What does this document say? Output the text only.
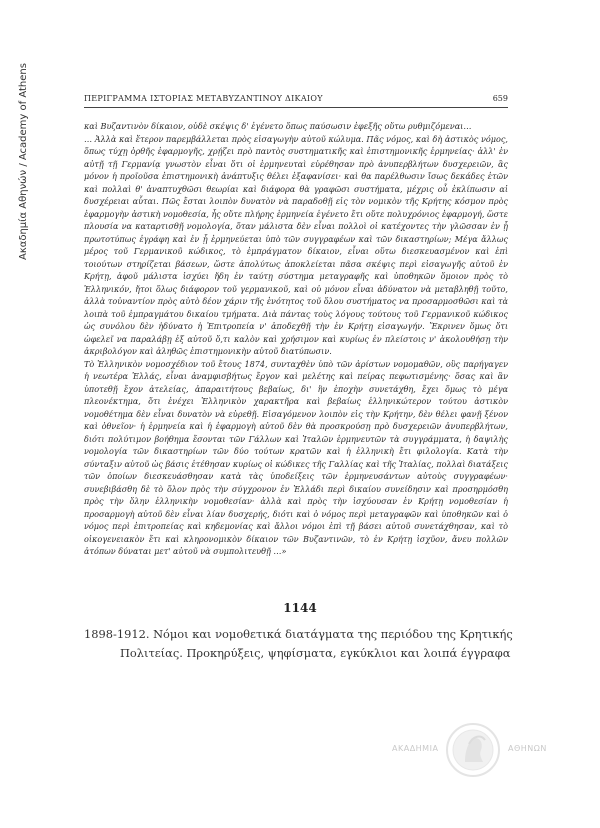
Ακαδημία Αθηνών / Academy of Athens	ΠΕΡΙΓΡΑΜΜΑ ΙΣΤΟΡΙΑΣ ΜΕΤΑΒΥΖΑΝΤΙΝΟΥ ΔΙΚΑΙΟΥ	659

καὶ Βυζαντινὸν δίκαιον, οὐδὲ σκέψις δ' ἐγένετο ὅπως παύσωσιν ἐφεξῆς οὕτω ρυθμιζόμεναι…

… Ἀλλὰ καὶ ἕτερον παρεμβάλλεται πρὸς εἰσαγωγὴν αὐτοῦ κώλυμα. Πᾶς νόμος, καὶ δὴ ἀστικὸς νόμος, ὅπως τύχῃ ὀρθῆς ἐφαρμογῆς, χρῄζει πρὸ παντὸς συστηματικῆς καὶ ἐπιστημονικῆς ἑρμηνείας· ἀλλ' ἐν αὐτῇ τῇ Γερμανίᾳ γνωστὸν εἶναι ὅτι οἱ ἑρμηνευταὶ εὑρέθησαν πρὸ ἀνυπερβλήτων δυσχερειῶν, ἃς μόνον ἡ προϊοῦσα ἐπιστημονικὴ ἀνάπτυξις θέλει ἐξαφανίσει· καὶ θα παρέλθωσιν ἴσως δεκάδες ἐτῶν καὶ πολλαὶ θ' ἀναπτυχθῶσι θεωρίαι καὶ διάφορα θὰ γραφῶσι συστήματα, μέχρις οὗ ἐκλίπωσιν αἱ δυσχέρειαι αὗται. Πῶς ἔσται λοιπὸν δυνατὸν νὰ παραδοθῇ εἰς τὸν νομικὸν τῆς Κρήτης κόσμον πρὸς ἐφαρμογὴν ἀστικὴ νομοθεσία, ἧς οὔτε πλήρης ἑρμηνεία ἐγένετο ἔτι οὔτε πολυχρόνιος ἐφαρμογή, ὥστε πλουσία να καταρτισθῇ νομολογία, ὅταν μάλιστα δὲν εἶναι πολλοὶ οἱ κατέχοντες τὴν γλῶσσαν ἐν ᾗ πρωτοτύπως ἐγράφη καὶ ἐν ᾗ ἑρμηνεύεται ὑπὸ τῶν συγγραφέων καὶ τῶν δικαστηρίων; Μέγα ἄλλως μέρος τοῦ Γερμανικοῦ κώδικος, τὸ ἐμπράγματον δίκαιον, εἶναι οὕτω διεσκευασμένον καὶ ἐπὶ τοιούτων στηρίζεται βάσεων, ὥστε ἀπολύτως ἀποκλείεται πᾶσα σκέψις περὶ εἰσαγωγῆς αὐτοῦ ἐν Κρήτῃ, ἀφοῦ μάλιστα ἰσχύει ἤδη ἐν ταύτῃ σύστημα μεταγραφῆς καὶ ὑποθηκῶν ὅμοιον πρὸς τὸ Ἑλληνικόν, ἤτοι ὅλως διάφορον τοῦ γερμανικοῦ, καὶ οὐ μόνον εἶναι ἀδύνατον νὰ μεταβληθῇ τοῦτο, ἀλλὰ τοὐναντίον πρὸς αὐτὸ δέον χάριν τῆς ἑνότητος τοῦ ὅλου συστήματος να προσαρμοσθῶσι καὶ τὰ λοιπὰ τοῦ ἐμπραγμάτου δικαίου τμήματα. Διὰ πάντας τοὺς λόγους τούτους τοῦ Γερμανικοῦ κώδικος ὡς συνόλου δὲν ἠδύνατο ἡ Ἐπιτροπεία ν' ἀποδεχθῇ τὴν ἐν Κρήτῃ εἰσαγωγήν. Ἔκρινεν ὅμως ὅτι ὠφελεῖ να παραλάβῃ ἐξ αὐτοῦ ὅ,τι καλὸν καὶ χρήσιμον καὶ κυρίως ἐν πλείστοις ν' ἀκολουθήσῃ τὴν ἀκριβολόγον καὶ ἀληθῶς ἐπιστημονικὴν αὐτοῦ διατύπωσιν.

Τὸ Ἑλληνικὸν νομοσχέδιον τοῦ ἔτους 1874, συνταχθὲν ὑπὸ τῶν ἀρίστων νομομαθῶν, οὓς παρήγαγεν ἡ νεωτέρα Ἑλλάς, εἶναι ἀναμφισβήτως ἔργον καὶ μελέτης καὶ πείρας πεφωτισμένης· ὅσας καὶ ἂν ὑποτεθῇ ἔχον ἀτελείας, ἀπαραιτήτους βεβαίως, δι' ἣν ἐποχὴν συνετάχθη, ἔχει ὅμως τὸ μέγα πλεονέκτημα, ὅτι ἐνέχει Ἑλληνικὸν χαρακτῆρα καὶ βεβαίως ἑλληνικώτερον τούτου ἀστικὸν νομοθέτημα δὲν εἶναι δυνατὸν νὰ εὑρεθῇ. Εἰσαγόμενον λοιπὸν εἰς τὴν Κρήτην, δὲν θέλει φανῇ ξένον καὶ ὀθνεῖον· ἡ ἑρμηνεία καὶ ἡ ἐφαρμογὴ αὐτοῦ δὲν θὰ προσκρούσῃ πρὸ δυσχερειῶν ἀνυπερβλήτων, διότι πολύτιμον βοήθημα ἔσονται τῶν Γάλλων καὶ Ἰταλῶν ἑρμηνευτῶν τὰ συγγράμματα, ἡ δαψιλὴς νομολογία τῶν δικαστηρίων τῶν δύο τούτων κρατῶν καὶ ἡ ἑλληνικὴ ἔτι φιλολογία. Κατὰ τὴν σύνταξιν αὐτοῦ ὡς βάσις ἐτέθησαν κυρίως οἱ κώδικες τῆς Γαλλίας καὶ τῆς Ἰταλίας, πολλαὶ διατάξεις τῶν ὁποίων διεσκευάσθησαν κατὰ τὰς ὑποδείξεις τῶν ἑρμηνευσάντων αὐτοὺς συγγραφέων· συνεβιβάσθη δὲ τὸ ὅλον πρὸς τὴν σύγχρονον ἐν Ἑλλάδι περὶ δικαίου συνείδησιν καὶ προσηρμόσθη πρὸς τὴν ὅλην ἑλληνικὴν νομοθεσίαν· ἀλλὰ καὶ πρὸς τὴν ἰσχύουσαν ἐν Κρήτῃ νομοθεσίαν ἡ προσαρμογὴ αὐτοῦ δὲν εἶναι λίαν δυσχερής, διότι καὶ ὁ νόμος περὶ μεταγραφῶν καὶ ὑποθηκῶν καὶ ὁ νόμος περὶ ἐπιτροπείας καὶ κηδεμονίας καὶ ἄλλοι νόμοι ἐπὶ τῇ βάσει αὐτοῦ συνετάχθησαν, καὶ τὸ οἰκογενειακὸν ἔτι καὶ κληρονομικὸν δίκαιον τῶν Βυζαντινῶν, τὸ ἐν Κρήτῃ ἰσχῦον, ἄνευ πολλῶν ἀτόπων δύναται μετ' αὐτοῦ νὰ συμπολιτευθῇ …»

1144
1898-1912. Νόμοι και νομοθετικά διατάγματα της περιόδου της Κρητικής
Πολιτείας. Προκηρύξεις, ψηφίσματα, εγκύκλιοι και λοιπά έγγραφα
ΑΚΑΔΗΜΙΑ	ΑΘΗΝΩΝ
